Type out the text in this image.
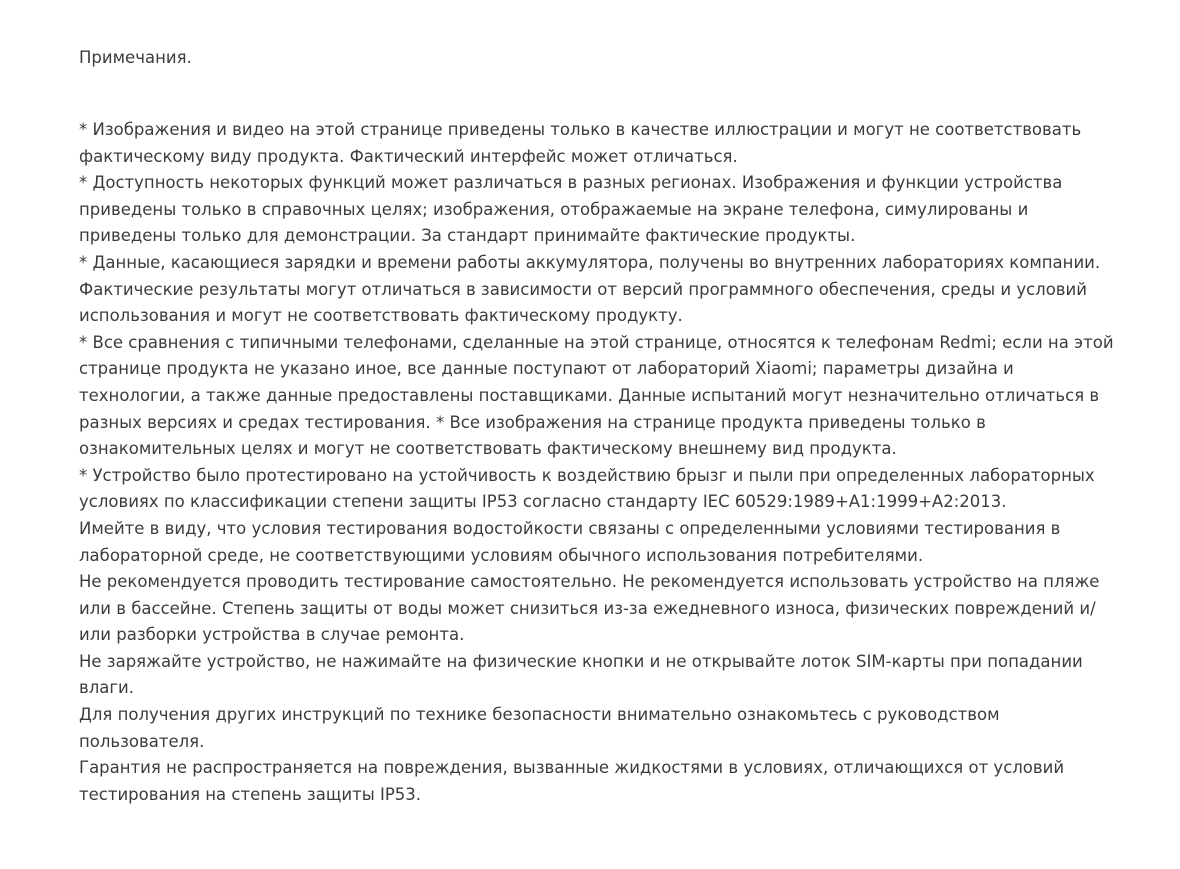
Примечания.

* Изображения и видео на этой странице приведены только в качестве иллюстрации и могут не соответствовать фактическому виду продукта. Фактический интерфейс может отличаться.

* Доступность некоторых функций может различаться в разных регионах. Изображения и функции устройства приведены только в справочных целях; изображения, отображаемые на экране телефона, симулированы и приведены только для демонстрации. За стандарт принимайте фактические продукты.

* Данные, касающиеся зарядки и времени работы аккумулятора, получены во внутренних лабораториях компании. Фактические результаты могут отличаться в зависимости от версий программного обеспечения, среды и условий использования и могут не соответствовать фактическому продукту.

* Все сравнения с типичными телефонами, сделанные на этой странице, относятся к телефонам Redmi; если на этой странице продукта не указано иное, все данные поступают от лабораторий Xiaomi; параметры дизайна и технологии, а также данные предоставлены поставщиками. Данные испытаний могут незначительно отличаться в разных версиях и средах тестирования. * Все изображения на странице продукта приведены только в ознакомительных целях и могут не соответствовать фактическому внешнему вид продукта.

* Устройство было протестировано на устойчивость к воздействию брызг и пыли при определенных лабораторных условиях по классификации степени защиты IP53 согласно стандарту IEC 60529:1989+A1:1999+A2:2013.

Имейте в виду, что условия тестирования водостойкости связаны с определенными условиями тестирования в лабораторной среде, не соответствующими условиям обычного использования потребителями.

Не рекомендуется проводить тестирование самостоятельно. Не рекомендуется использовать устройство на пляже или в бассейне. Степень защиты от воды может снизиться из-за ежедневного износа, физических повреждений и/или разборки устройства в случае ремонта.

Не заряжайте устройство, не нажимайте на физические кнопки и не открывайте лоток SIM-карты при попадании влаги.

Для получения других инструкций по технике безопасности внимательно ознакомьтесь с руководством пользователя.

Гарантия не распространяется на повреждения, вызванные жидкостями в условиях, отличающихся от условий тестирования на степень защиты IP53.
